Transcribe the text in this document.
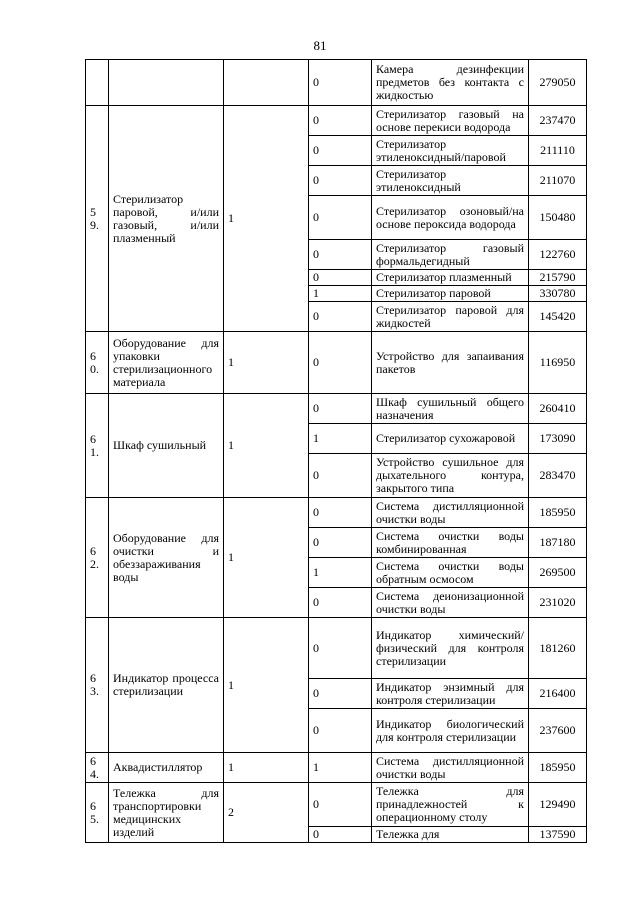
81
			0	Камера дезинфекции предметов без контакта с жидкостью	279050

5
9.	Стерилизатор паровой, и/или газовый, и/или плазменный	1	0	Стерилизатор газовый на основе перекиси водорода	237470
			0	Стерилизатор этиленоксидный/паровой	211110
			0	Стерилизатор этиленоксидный	211070
			0	Стерилизатор озоновый/на основе пероксида водорода	150480
			0	Стерилизатор газовый формальдегидный	122760
			0	Стерилизатор плазменный	215790
			1	Стерилизатор паровой	330780
			0	Стерилизатор паровой для жидкостей	145420

6
0.	Оборудование для упаковки стерилизационного материала	1	0	Устройство для запаивания пакетов	116950

6
1.	Шкаф сушильный	1	0	Шкаф сушильный общего назначения	260410
			1	Стерилизатор сухожаровой	173090
			0	Устройство сушильное для дыхательного контура, закрытого типа	283470

6
2.	Оборудование для очистки и обеззараживания воды	1	0	Система дистилляционной очистки воды	185950
			0	Система очистки воды комбинированная	187180
			1	Система очистки воды обратным осмосом	269500
			0	Система деионизационной очистки воды	231020

6
3.	Индикатор процесса стерилизации	1	0	Индикатор химический/физический для контроля стерилизации	181260
			0	Индикатор энзимный для контроля стерилизации	216400
			0	Индикатор биологический для контроля стерилизации	237600

6
4.	Аквадистиллятор	1	1	Система дистилляционной очистки воды	185950

6
5.	Тележка для транспортировки медицинских изделий	2	0	Тележка для принадлежностей к операционному столу	129490
			0	Тележка для	137590
